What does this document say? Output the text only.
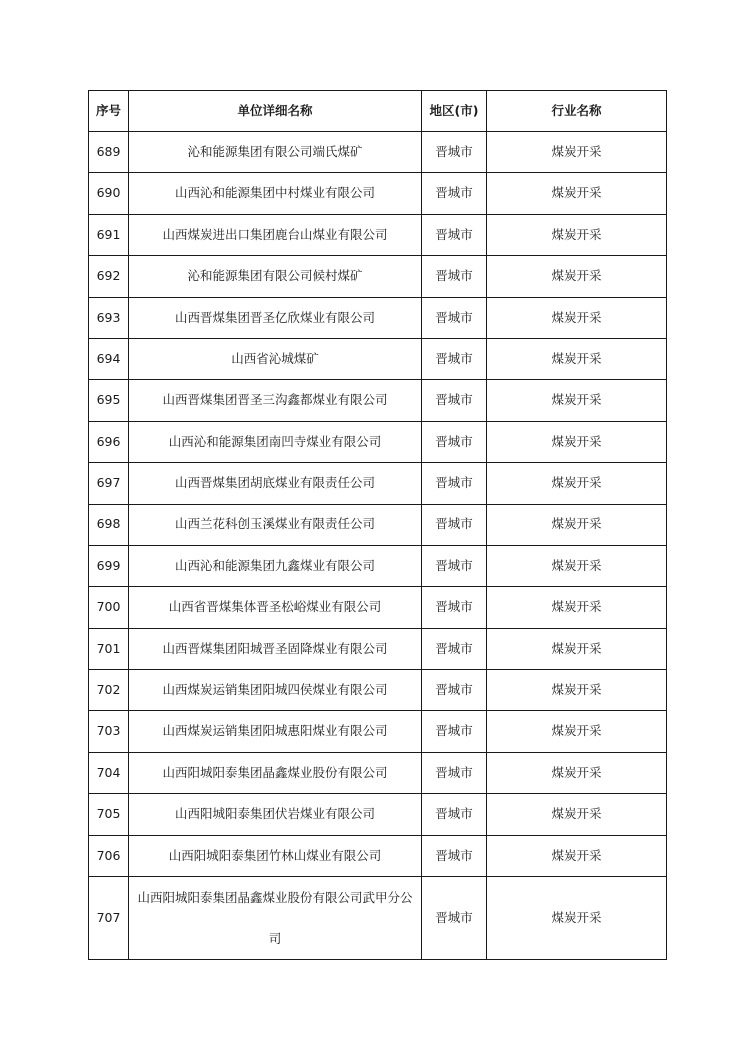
序号	单位详细名称	地区(市)	行业名称
689	沁和能源集团有限公司端氏煤矿	晋城市	煤炭开采
690	山西沁和能源集团中村煤业有限公司	晋城市	煤炭开采
691	山西煤炭进出口集团鹿台山煤业有限公司	晋城市	煤炭开采
692	沁和能源集团有限公司候村煤矿	晋城市	煤炭开采
693	山西晋煤集团晋圣亿欣煤业有限公司	晋城市	煤炭开采
694	山西省沁城煤矿	晋城市	煤炭开采
695	山西晋煤集团晋圣三沟鑫都煤业有限公司	晋城市	煤炭开采
696	山西沁和能源集团南凹寺煤业有限公司	晋城市	煤炭开采
697	山西晋煤集团胡底煤业有限责任公司	晋城市	煤炭开采
698	山西兰花科创玉溪煤业有限责任公司	晋城市	煤炭开采
699	山西沁和能源集团九鑫煤业有限公司	晋城市	煤炭开采
700	山西省晋煤集体晋圣松峪煤业有限公司	晋城市	煤炭开采
701	山西晋煤集团阳城晋圣固降煤业有限公司	晋城市	煤炭开采
702	山西煤炭运销集团阳城四侯煤业有限公司	晋城市	煤炭开采
703	山西煤炭运销集团阳城惠阳煤业有限公司	晋城市	煤炭开采
704	山西阳城阳泰集团晶鑫煤业股份有限公司	晋城市	煤炭开采
705	山西阳城阳泰集团伏岩煤业有限公司	晋城市	煤炭开采
706	山西阳城阳泰集团竹林山煤业有限公司	晋城市	煤炭开采
707	山西阳城阳泰集团晶鑫煤业股份有限公司武甲分公司	晋城市	煤炭开采
